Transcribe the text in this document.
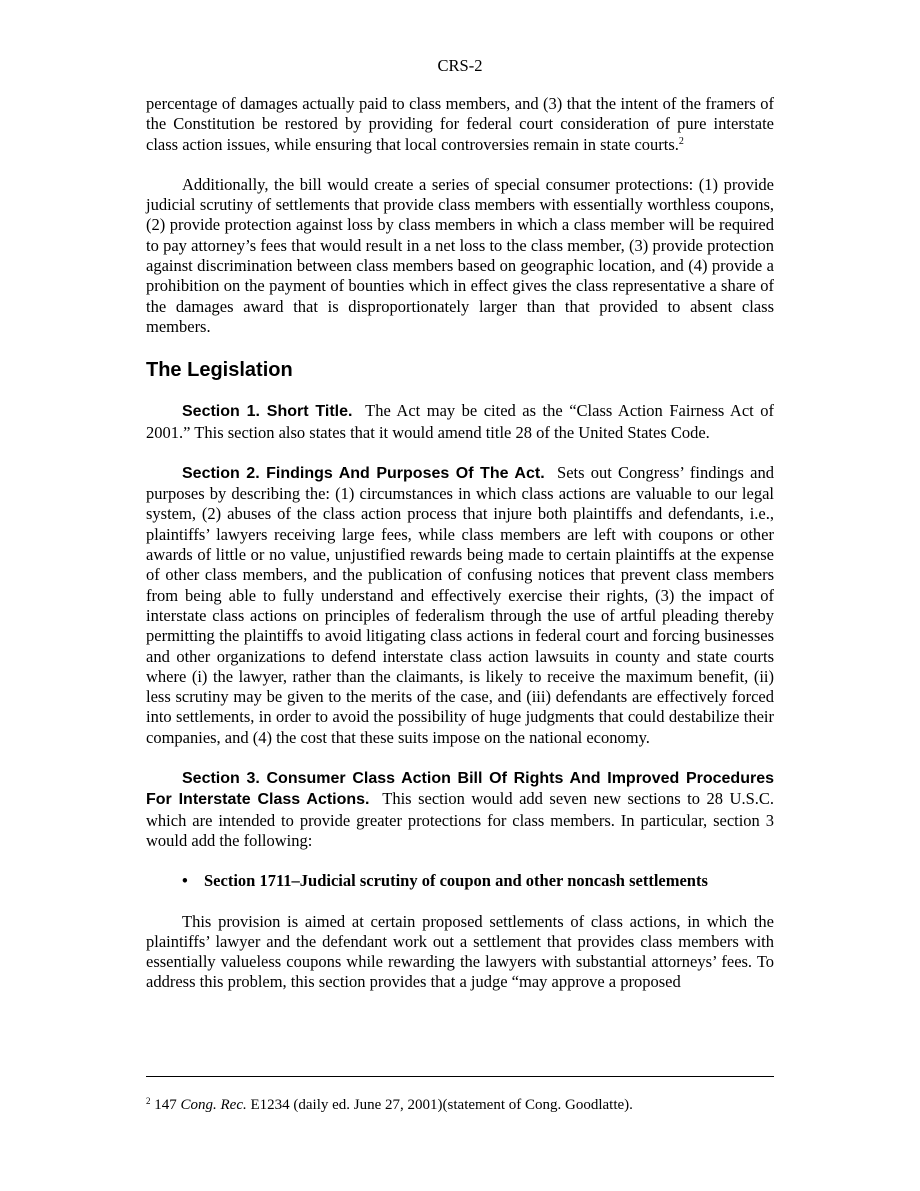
CRS-2

percentage of damages actually paid to class members, and (3) that the intent of the framers of the Constitution be restored by providing for federal court consideration of pure interstate class action issues, while ensuring that local controversies remain in state courts.$^2$

Additionally, the bill would create a series of special consumer protections: (1) provide judicial scrutiny of settlements that provide class members with essentially worthless coupons, (2) provide protection against loss by class members in which a class member will be required to pay attorney’s fees that would result in a net loss to the class member, (3) provide protection against discrimination between class members based on geographic location, and (4) provide a prohibition on the payment of bounties which in effect gives the class representative a share of the damages award that is disproportionately larger than that provided to absent class members.

The Legislation

Section 1. Short Title. The Act may be cited as the “Class Action Fairness Act of 2001.” This section also states that it would amend title 28 of the United States Code.

Section 2. Findings And Purposes Of The Act. Sets out Congress’ findings and purposes by describing the: (1) circumstances in which class actions are valuable to our legal system, (2) abuses of the class action process that injure both plaintiffs and defendants, i.e., plaintiffs’ lawyers receiving large fees, while class members are left with coupons or other awards of little or no value, unjustified rewards being made to certain plaintiffs at the expense of other class members, and the publication of confusing notices that prevent class members from being able to fully understand and effectively exercise their rights, (3) the impact of interstate class actions on principles of federalism through the use of artful pleading thereby permitting the plaintiffs to avoid litigating class actions in federal court and forcing businesses and other organizations to defend interstate class action lawsuits in county and state courts where (i) the lawyer, rather than the claimants, is likely to receive the maximum benefit, (ii) less scrutiny may be given to the merits of the case, and (iii) defendants are effectively forced into settlements, in order to avoid the possibility of huge judgments that could destabilize their companies, and (4) the cost that these suits impose on the national economy.

Section 3. Consumer Class Action Bill Of Rights And Improved Procedures For Interstate Class Actions. This section would add seven new sections to 28 U.S.C. which are intended to provide greater protections for class members. In particular, section 3 would add the following:

• Section 1711–Judicial scrutiny of coupon and other noncash settlements

This provision is aimed at certain proposed settlements of class actions, in which the plaintiffs’ lawyer and the defendant work out a settlement that provides class members with essentially valueless coupons while rewarding the lawyers with substantial attorneys’ fees. To address this problem, this section provides that a judge “may approve a proposed

$^2$ 147 Cong. Rec. E1234 (daily ed. June 27, 2001)(statement of Cong. Goodlatte).
